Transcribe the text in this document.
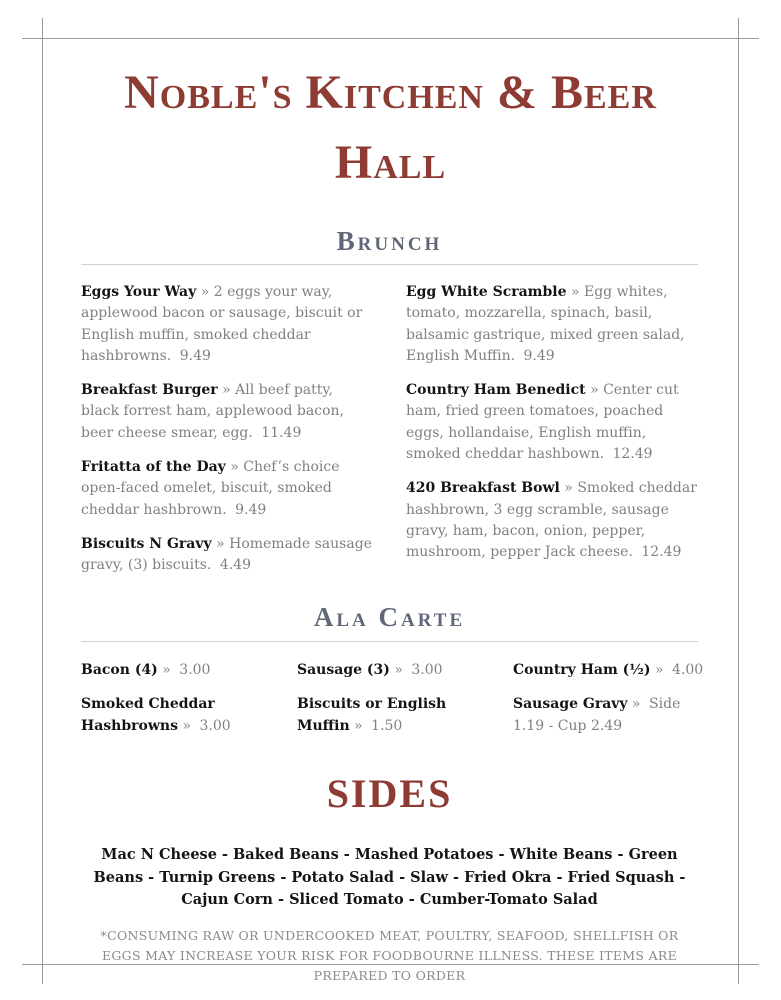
Noble's Kitchen & Beer Hall
Brunch
Eggs Your Way » 2 eggs your way, applewood bacon or sausage, biscuit or English muffin, smoked cheddar hashbrowns. 9.49
Breakfast Burger » All beef patty, black forrest ham, applewood bacon, beer cheese smear, egg. 11.49
Fritatta of the Day » Chef’s choice open-faced omelet, biscuit, smoked cheddar hashbrown. 9.49
Biscuits N Gravy » Homemade sausage gravy, (3) biscuits. 4.49
Egg White Scramble » Egg whites, tomato, mozzarella, spinach, basil, balsamic gastrique, mixed green salad, English Muffin. 9.49
Country Ham Benedict » Center cut ham, fried green tomatoes, poached eggs, hollandaise, English muffin, smoked cheddar hashbown. 12.49
420 Breakfast Bowl » Smoked cheddar hashbrown, 3 egg scramble, sausage gravy, ham, bacon, onion, pepper, mushroom, pepper Jack cheese. 12.49
Ala Carte
Bacon (4) » 3.00
Smoked Cheddar Hashbrowns » 3.00
Sausage (3) » 3.00
Biscuits or English Muffin » 1.50
Country Ham (½) » 4.00
Sausage Gravy » Side 1.19 - Cup 2.49
SIDES
Mac N Cheese - Baked Beans - Mashed Potatoes - White Beans - Green Beans - Turnip Greens - Potato Salad - Slaw - Fried Okra - Fried Squash - Cajun Corn - Sliced Tomato - Cumber-Tomato Salad
*CONSUMING RAW OR UNDERCOOKED MEAT, POULTRY, SEAFOOD, SHELLFISH OR EGGS MAY INCREASE YOUR RISK FOR FOODBOURNE ILLNESS. THESE ITEMS ARE PREPARED TO ORDER
